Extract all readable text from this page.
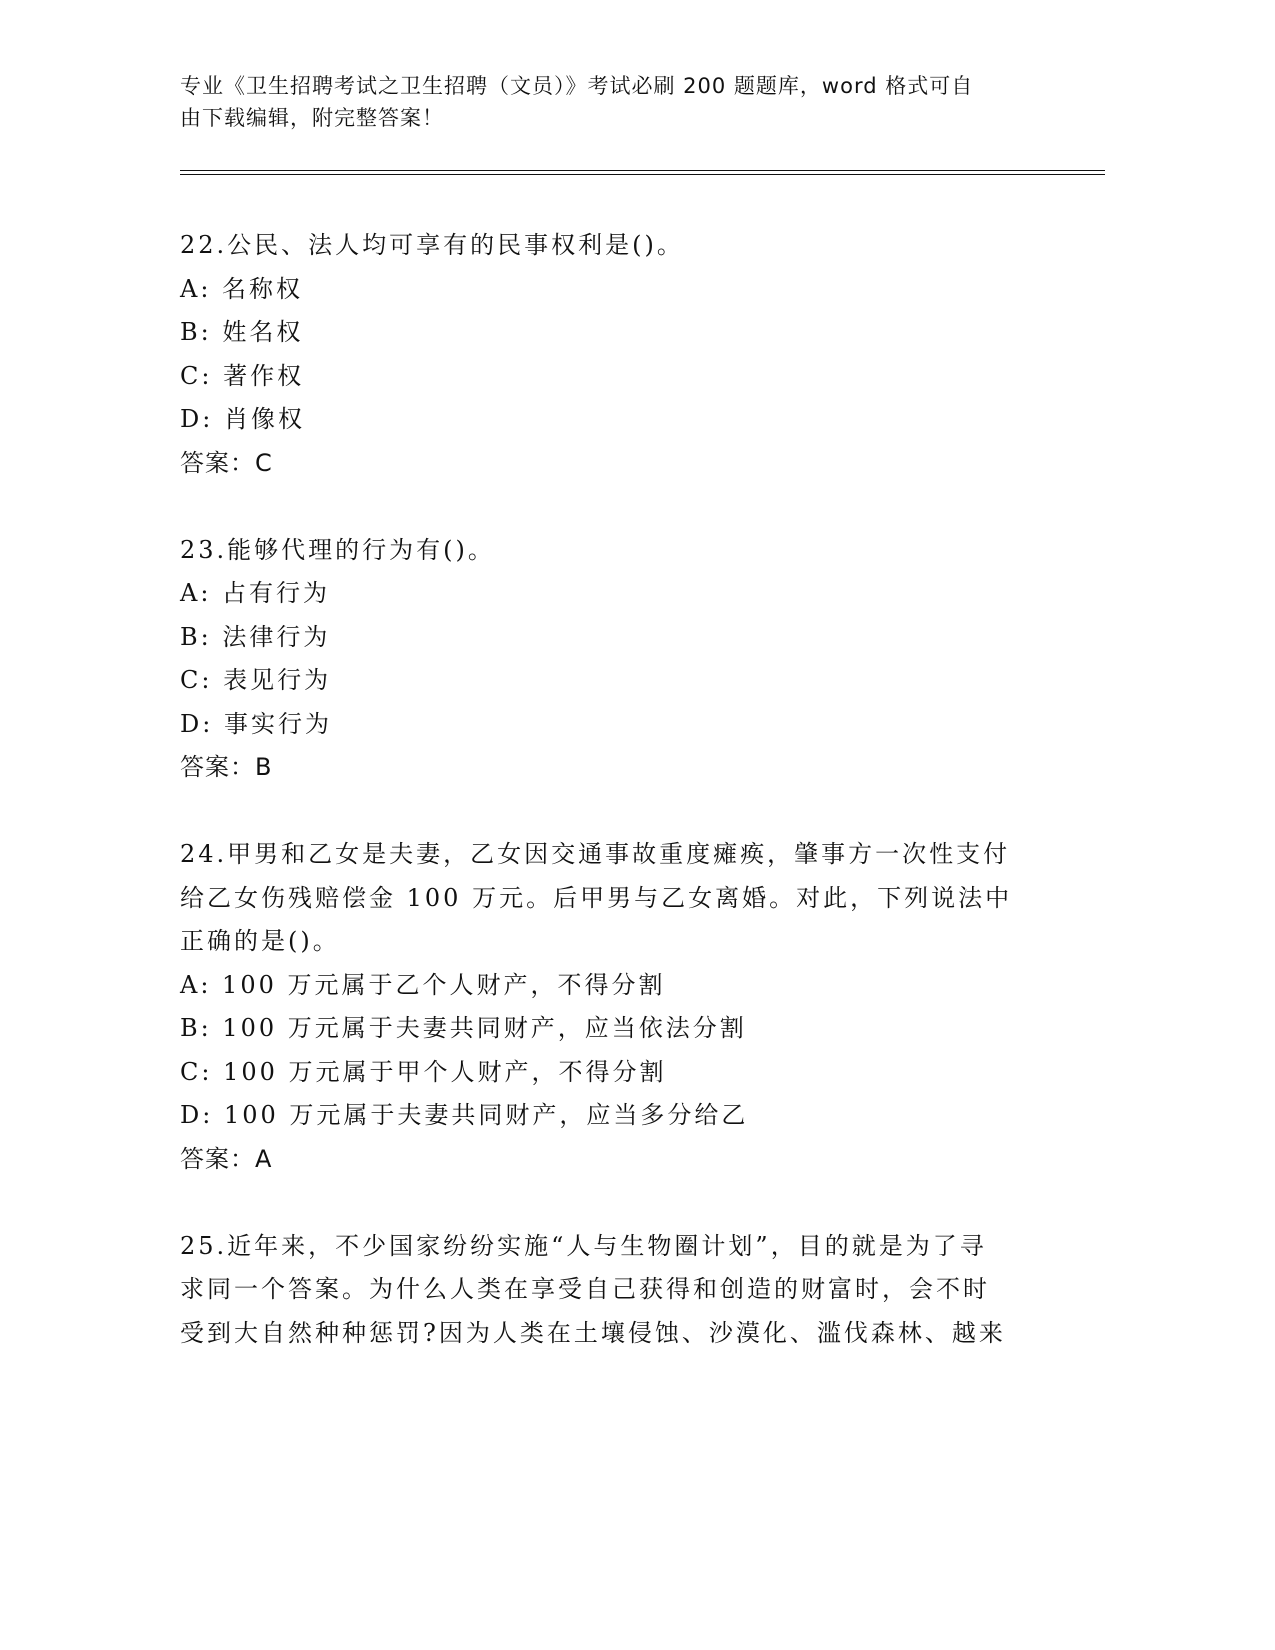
专业《卫生招聘考试之卫生招聘（文员）》考试必刷 200 题题库，word 格式可自
由下载编辑，附完整答案！

22.公民、法人均可享有的民事权利是()。

A: 名称权

B: 姓名权

C: 著作权

D: 肖像权

答案：C

23.能够代理的行为有()。

A: 占有行为

B: 法律行为

C: 表见行为

D: 事实行为

答案：B

24.甲男和乙女是夫妻，乙女因交通事故重度瘫痪，肇事方一次性支付

给乙女伤残赔偿金 100 万元。后甲男与乙女离婚。对此，下列说法中

正确的是()。

A: 100 万元属于乙个人财产，不得分割

B: 100 万元属于夫妻共同财产，应当依法分割

C: 100 万元属于甲个人财产，不得分割

D: 100 万元属于夫妻共同财产，应当多分给乙

答案：A

25.近年来，不少国家纷纷实施“人与生物圈计划”，目的就是为了寻

求同一个答案。为什么人类在享受自己获得和创造的财富时，会不时

受到大自然种种惩罚?因为人类在土壤侵蚀、沙漠化、滥伐森林、越来
